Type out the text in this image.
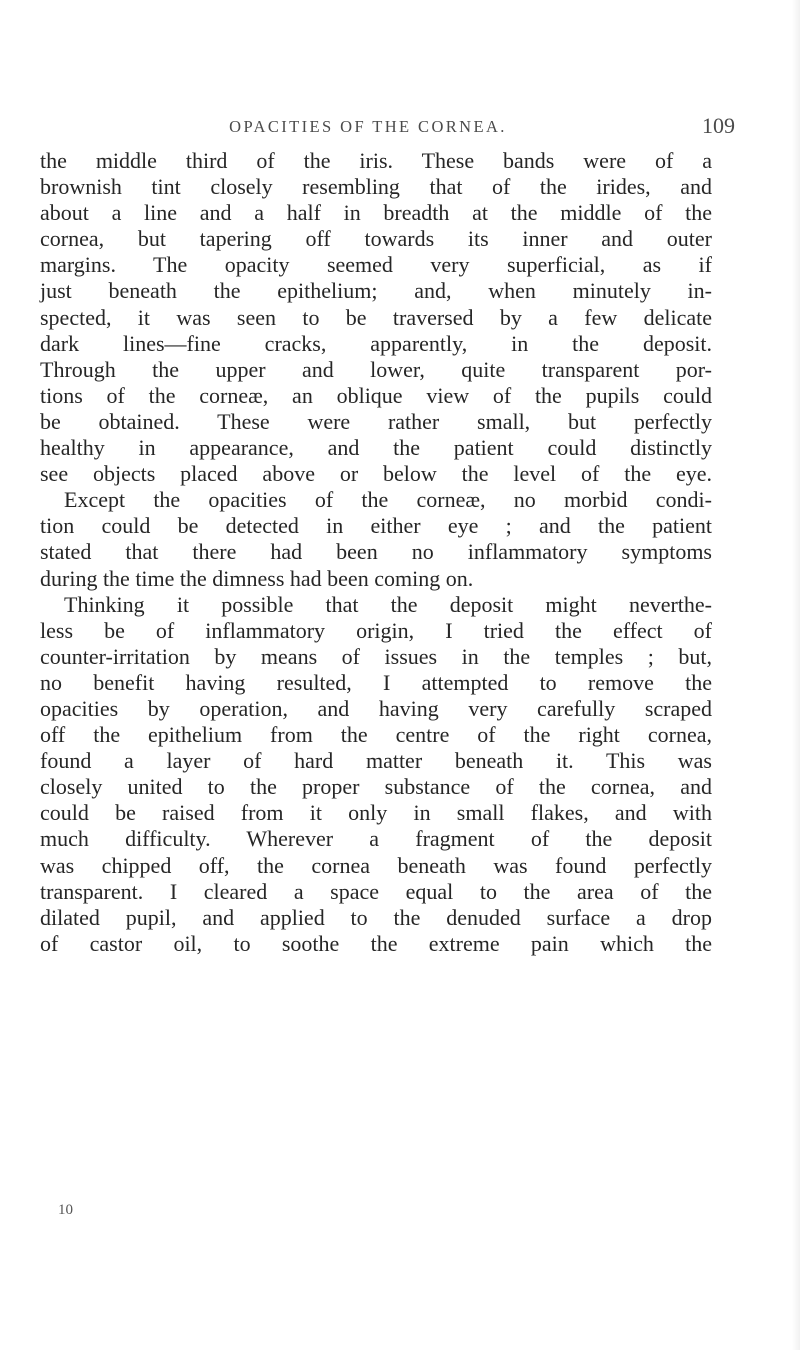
OPACITIES OF THE CORNEA.	109
the middle third of the iris. These bands were of a
brownish tint closely resembling that of the irides, and
about a line and a half in breadth at the middle of the
cornea, but tapering off towards its inner and outer
margins. The opacity seemed very superficial, as if
just beneath the epithelium; and, when minutely in-
spected, it was seen to be traversed by a few delicate
dark lines—fine cracks, apparently, in the deposit.
Through the upper and lower, quite transparent por-
tions of the corneæ, an oblique view of the pupils could
be obtained. These were rather small, but perfectly
healthy in appearance, and the patient could distinctly
see objects placed above or below the level of the eye.
Except the opacities of the corneæ, no morbid condi-
tion could be detected in either eye ; and the patient
stated that there had been no inflammatory symptoms
during the time the dimness had been coming on.
Thinking it possible that the deposit might neverthe-
less be of inflammatory origin, I tried the effect of
counter-irritation by means of issues in the temples ; but,
no benefit having resulted, I attempted to remove the
opacities by operation, and having very carefully scraped
off the epithelium from the centre of the right cornea,
found a layer of hard matter beneath it. This was
closely united to the proper substance of the cornea, and
could be raised from it only in small flakes, and with
much difficulty. Wherever a fragment of the deposit
was chipped off, the cornea beneath was found perfectly
transparent. I cleared a space equal to the area of the
dilated pupil, and applied to the denuded surface a drop
of castor oil, to soothe the extreme pain which the
10
